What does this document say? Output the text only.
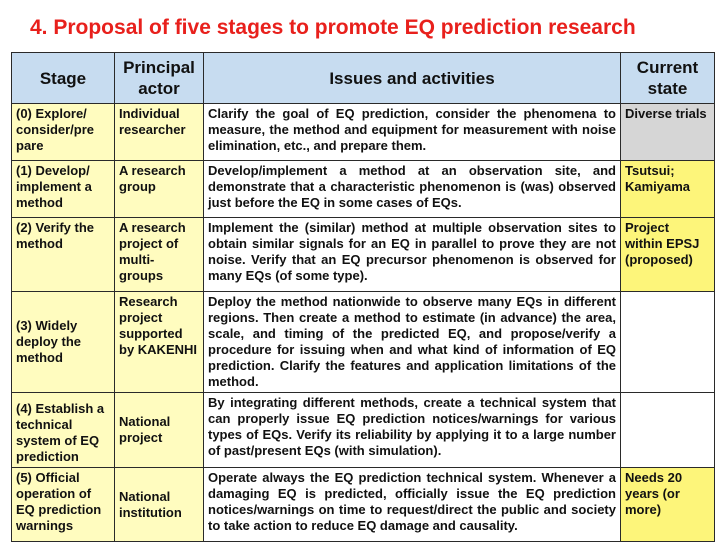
4. Proposal of five stages to promote EQ prediction research
Stage	Principal actor	Issues and activities	Current state
(0) Explore/ consider/pre pare	Individual researcher	Clarify the goal of EQ prediction, consider the phenomena to measure, the method and equipment for measurement with noise elimination, etc., and prepare them.	Diverse trials
(1) Develop/ implement a method	A research group	Develop/implement a method at an observation site, and demonstrate that a characteristic phenomenon is (was) observed just before the EQ in some cases of EQs.	Tsutsui; Kamiyama
(2) Verify the method	A research project of multi- groups	Implement the (similar) method at multiple observation sites to obtain similar signals for an EQ in parallel to prove they are not noise. Verify that an EQ precursor phenomenon is observed for many EQs (of some type).	Project within EPSJ (proposed)
(3) Widely deploy the method	Research project supported by KAKENHI	Deploy the method nationwide to observe many EQs in different regions. Then create a method to estimate (in advance) the area, scale, and timing of the predicted EQ, and propose/verify a procedure for issuing when and what kind of information of EQ prediction. Clarify the features and application limitations of the method.	
(4) Establish a technical system of EQ prediction	National project	By integrating different methods, create a technical system that can properly issue EQ prediction notices/warnings for various types of EQs. Verify its reliability by applying it to a large number of past/present EQs (with simulation).	
(5) Official operation of EQ prediction warnings	National institution	Operate always the EQ prediction technical system. Whenever a damaging EQ is predicted, officially issue the EQ prediction notices/warnings on time to request/direct the public and society to take action to reduce EQ damage and causality.	Needs 20 years (or more)
